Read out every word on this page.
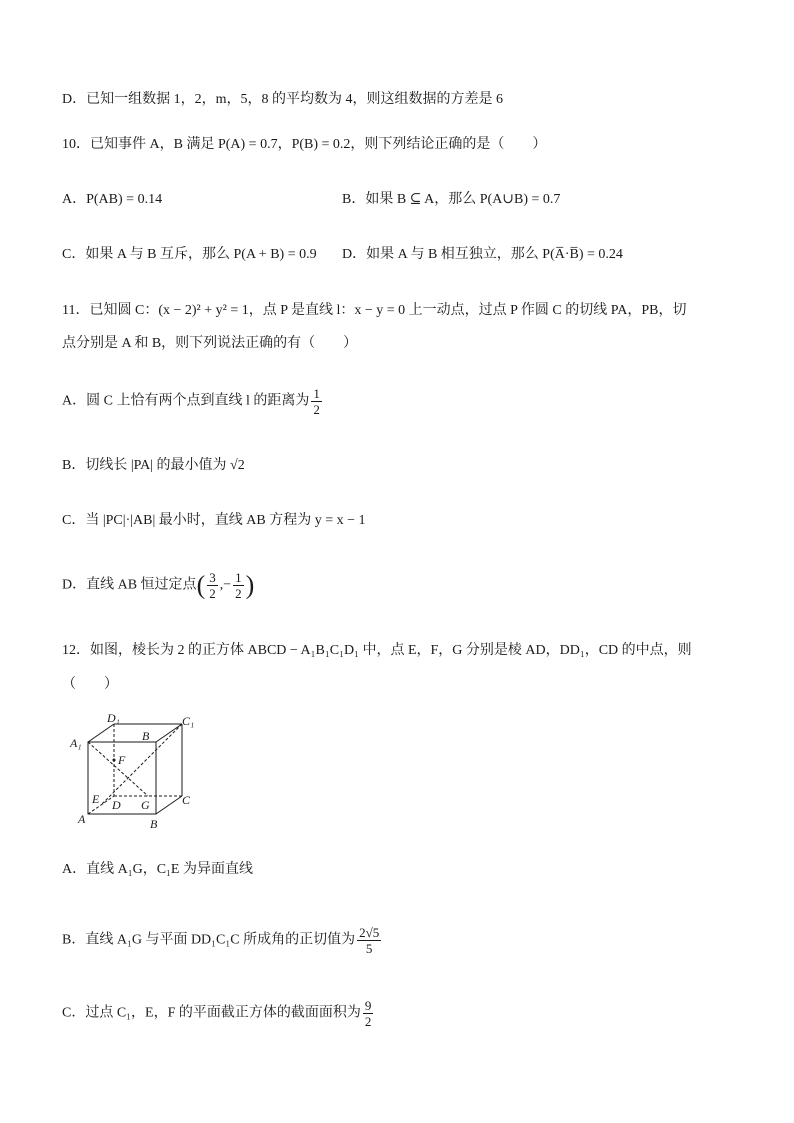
D．已知一组数据 1，2，m，5，8 的平均数为 4，则这组数据的方差是 6
10．已知事件 A，B 满足 P(A) = 0.7，P(B) = 0.2，则下列结论正确的是（　　）
A．P(AB) = 0.14	B．如果 B ⊆ A，那么 P(A∪B) = 0.7
C．如果 A 与 B 互斥，那么 P(A + B) = 0.9 D．如果 A 与 B 相互独立，那么 P(A̅·B̅) = 0.24
11．已知圆 C：(x − 2)² + y² = 1，点 P 是直线 l：x − y = 0 上一动点，过点 P 作圆 C 的切线 PA，PB，切
点分别是 A 和 B，则下列说法正确的有（　　）
A．圆 C 上恰有两个点到直线 l 的距离为 $\frac{1}{2}$
B．切线长 |PA| 的最小值为 √2
C．当 |PC|·|AB| 最小时，直线 AB 方程为 y = x − 1
D．直线 AB 恒过定点( $\frac{3}{2}$ ,− $\frac{1}{2}$ )
12．如图，棱长为 2 的正方体 ABCD − A₁B₁C₁D₁ 中，点 E，F，G 分别是棱 AD，DD₁，CD 的中点，则
（　　）
D₁	C₁
A₁	B
F
E D G	C
A	B
A．直线 A₁G，C₁E 为异面直线
B．直线 A₁G 与平面 DD₁C₁C 所成角的正切值为 $\frac{2√5}{5}$
C．过点 C₁，E，F 的平面截正方体的截面面积为 $\frac{9}{2}$
